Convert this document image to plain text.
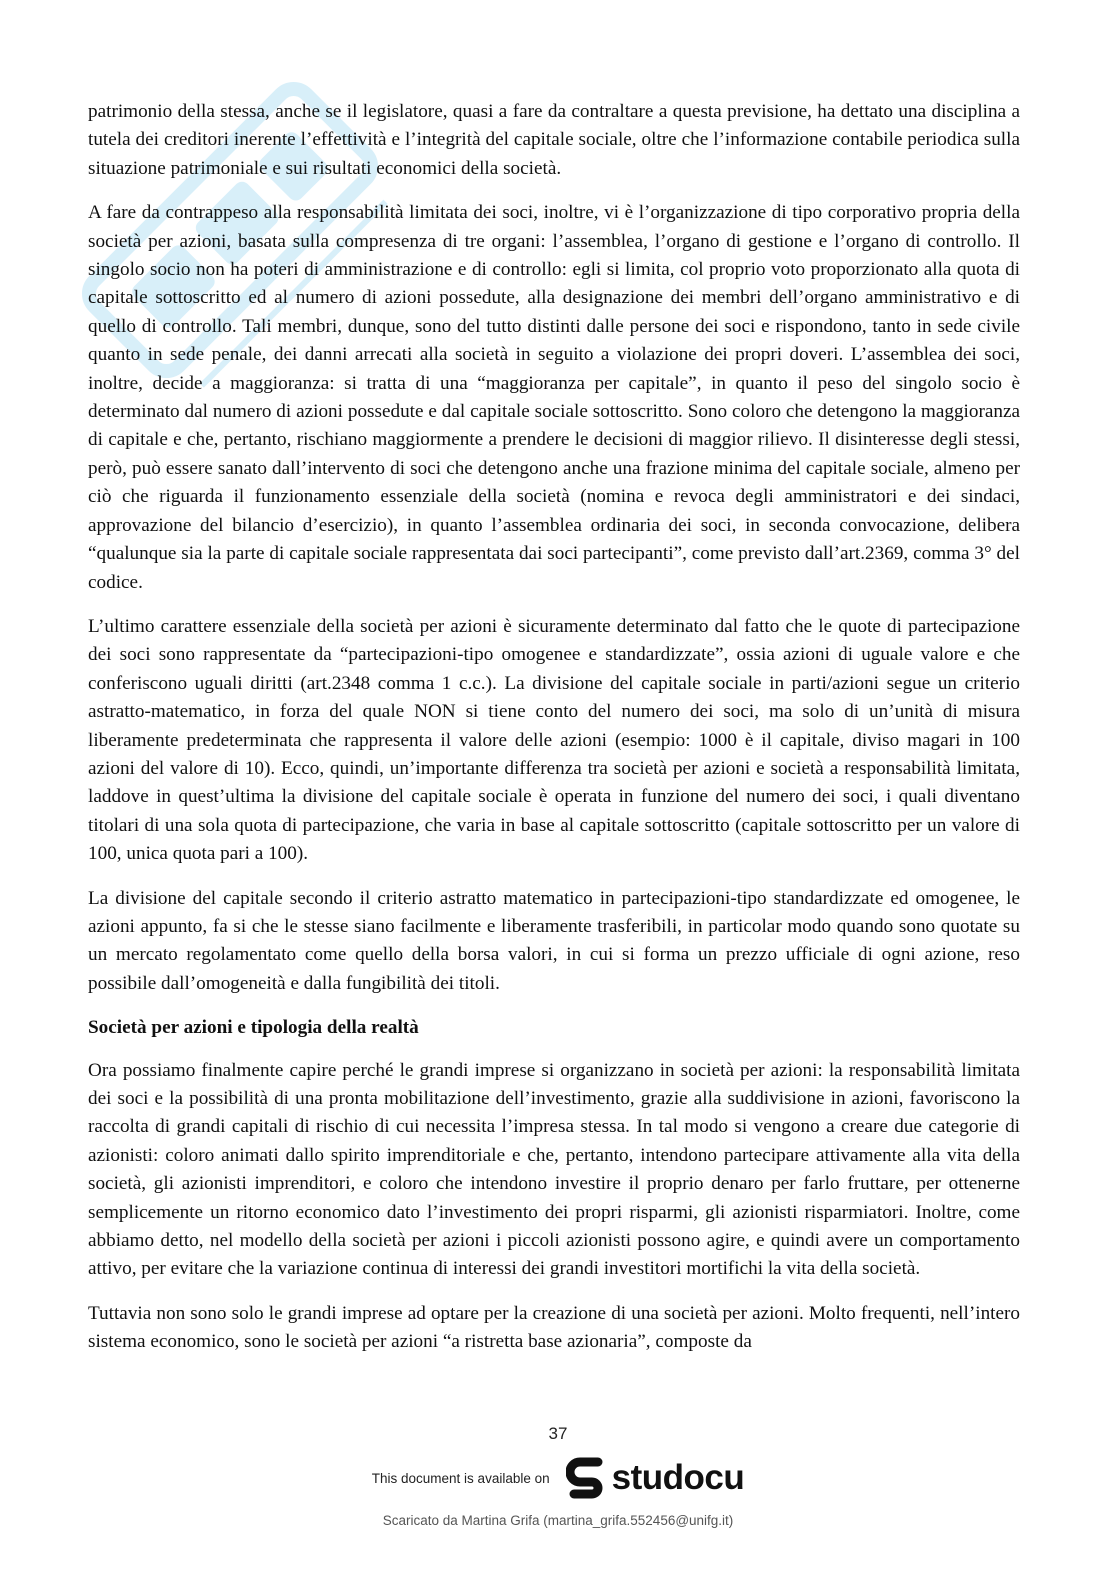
patrimonio della stessa, anche se il legislatore, quasi a fare da contraltare a questa previsione, ha dettato una disciplina a tutela dei creditori inerente l’effettività e l’integrità del capitale sociale, oltre che l’informazione contabile periodica sulla situazione patrimoniale e sui risultati economici della società.

A fare da contrappeso alla responsabilità limitata dei soci, inoltre, vi è l’organizzazione di tipo corporativo propria della società per azioni, basata sulla compresenza di tre organi: l’assemblea, l’organo di gestione e l’organo di controllo. Il singolo socio non ha poteri di amministrazione e di controllo: egli si limita, col proprio voto proporzionato alla quota di capitale sottoscritto ed al numero di azioni possedute, alla designazione dei membri dell’organo amministrativo e di quello di controllo. Tali membri, dunque, sono del tutto distinti dalle persone dei soci e rispondono, tanto in sede civile quanto in sede penale, dei danni arrecati alla società in seguito a violazione dei propri doveri. L’assemblea dei soci, inoltre, decide a maggioranza: si tratta di una “maggioranza per capitale”, in quanto il peso del singolo socio è determinato dal numero di azioni possedute e dal capitale sociale sottoscritto. Sono coloro che detengono la maggioranza di capitale e che, pertanto, rischiano maggiormente a prendere le decisioni di maggior rilievo. Il disinteresse degli stessi, però, può essere sanato dall’intervento di soci che detengono anche una frazione minima del capitale sociale, almeno per ciò che riguarda il funzionamento essenziale della società (nomina e revoca degli amministratori e dei sindaci, approvazione del bilancio d’esercizio), in quanto l’assemblea ordinaria dei soci, in seconda convocazione, delibera “qualunque sia la parte di capitale sociale rappresentata dai soci partecipanti”, come previsto dall’art.2369, comma 3° del codice.

L’ultimo carattere essenziale della società per azioni è sicuramente determinato dal fatto che le quote di partecipazione dei soci sono rappresentate da “partecipazioni-tipo omogenee e standardizzate”, ossia azioni di uguale valore e che conferiscono uguali diritti (art.2348 comma 1 c.c.). La divisione del capitale sociale in parti/azioni segue un criterio astratto-matematico, in forza del quale NON si tiene conto del numero dei soci, ma solo di un’unità di misura liberamente predeterminata che rappresenta il valore delle azioni (esempio: 1000 è il capitale, diviso magari in 100 azioni del valore di 10). Ecco, quindi, un’importante differenza tra società per azioni e società a responsabilità limitata, laddove in quest’ultima la divisione del capitale sociale è operata in funzione del numero dei soci, i quali diventano titolari di una sola quota di partecipazione, che varia in base al capitale sottoscritto (capitale sottoscritto per un valore di 100, unica quota pari a 100).

La divisione del capitale secondo il criterio astratto matematico in partecipazioni-tipo standardizzate ed omogenee, le azioni appunto, fa si che le stesse siano facilmente e liberamente trasferibili, in particolar modo quando sono quotate su un mercato regolamentato come quello della borsa valori, in cui si forma un prezzo ufficiale di ogni azione, reso possibile dall’omogeneità e dalla fungibilità dei titoli.

Società per azioni e tipologia della realtà

Ora possiamo finalmente capire perché le grandi imprese si organizzano in società per azioni: la responsabilità limitata dei soci e la possibilità di una pronta mobilitazione dell’investimento, grazie alla suddivisione in azioni, favoriscono la raccolta di grandi capitali di rischio di cui necessita l’impresa stessa. In tal modo si vengono a creare due categorie di azionisti: coloro animati dallo spirito imprenditoriale e che, pertanto, intendono partecipare attivamente alla vita della società, gli azionisti imprenditori, e coloro che intendono investire il proprio denaro per farlo fruttare, per ottenerne semplicemente un ritorno economico dato l’investimento dei propri risparmi, gli azionisti risparmiatori. Inoltre, come abbiamo detto, nel modello della società per azioni i piccoli azionisti possono agire, e quindi avere un comportamento attivo, per evitare che la variazione continua di interessi dei grandi investitori mortifichi la vita della società.

Tuttavia non sono solo le grandi imprese ad optare per la creazione di una società per azioni. Molto frequenti, nell’intero sistema economico, sono le società per azioni “a ristretta base azionaria”, composte da

37
This document is available on studocu
Scaricato da Martina Grifa (martina_grifa.552456@unifg.it)
